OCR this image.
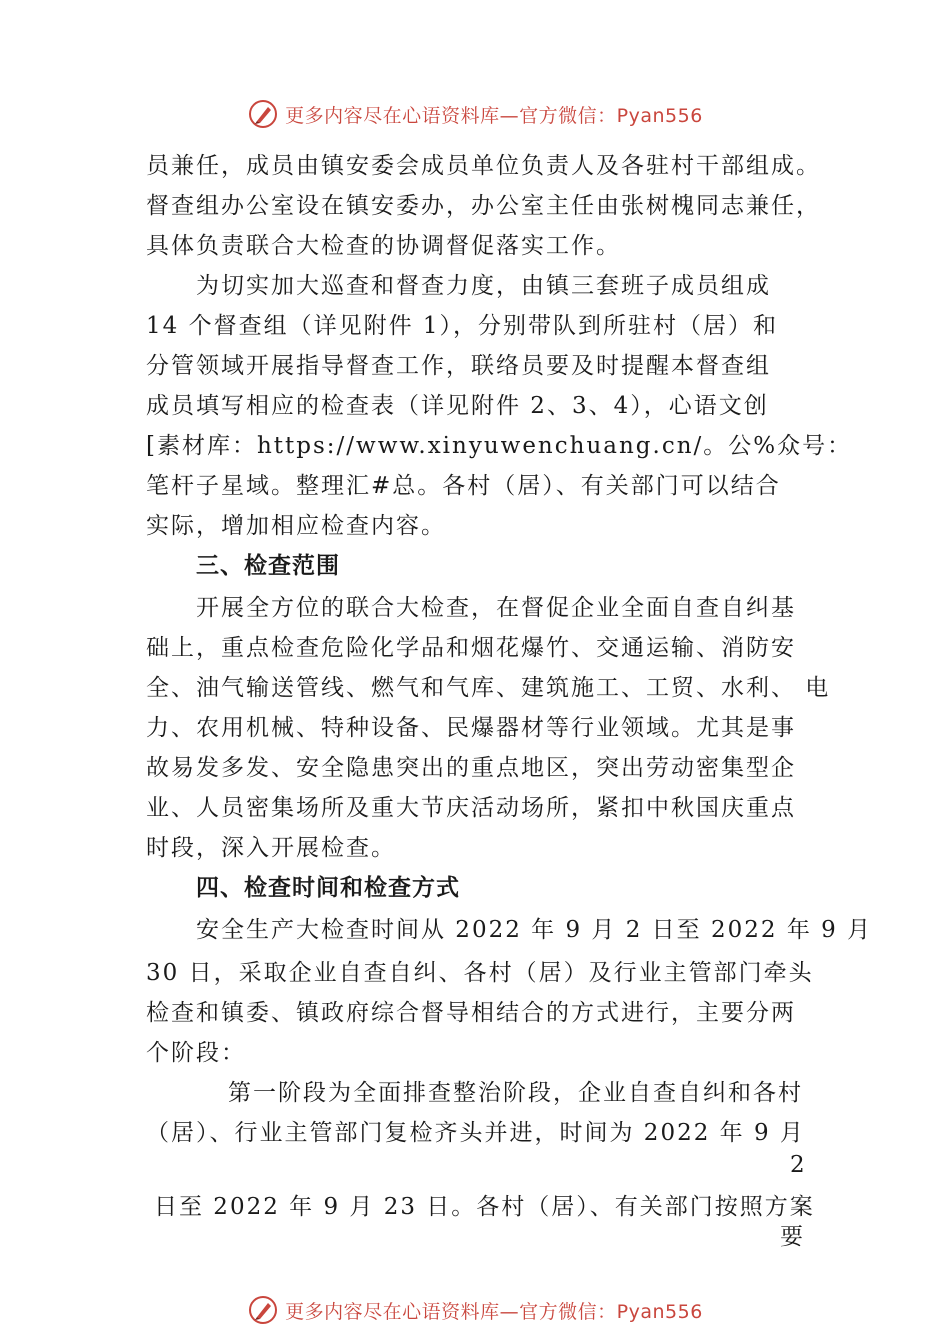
更多内容尽在心语资料库—官方微信：Pyan556
员兼任，成员由镇安委会成员单位负责人及各驻村干部组成。
督查组办公室设在镇安委办，办公室主任由张树槐同志兼任，
具体负责联合大检查的协调督促落实工作。
为切实加大巡查和督查力度，由镇三套班子成员组成
14 个督查组（详见附件 1），分别带队到所驻村（居）和
分管领域开展指导督查工作，联络员要及时提醒本督查组
成员填写相应的检查表（详见附件 2、3、4），心语文创
[素材库：https://www.xinyuwenchuang.cn/。公%众号：
笔杆子星域。整理汇#总。各村（居）、有关部门可以结合
实际，增加相应检查内容。
三、检查范围
开展全方位的联合大检查，在督促企业全面自查自纠基
础上，重点检查危险化学品和烟花爆竹、交通运输、消防安
全、油气输送管线、燃气和气库、建筑施工、工贸、水利、 电
力、农用机械、特种设备、民爆器材等行业领域。尤其是事
故易发多发、安全隐患突出的重点地区，突出劳动密集型企
业、人员密集场所及重大节庆活动场所，紧扣中秋国庆重点
时段，深入开展检查。
四、检查时间和检查方式
安全生产大检查时间从 2022 年 9 月 2 日至 2022 年 9 月
30 日，采取企业自查自纠、各村（居）及行业主管部门牵头
检查和镇委、镇政府综合督导相结合的方式进行，主要分两
个阶段：
第一阶段为全面排查整治阶段，企业自查自纠和各村
（居）、行业主管部门复检齐头并进，时间为 2022 年 9 月
2
日至 2022 年 9 月 23 日。各村（居）、有关部门按照方案
要
更多内容尽在心语资料库—官方微信：Pyan556
